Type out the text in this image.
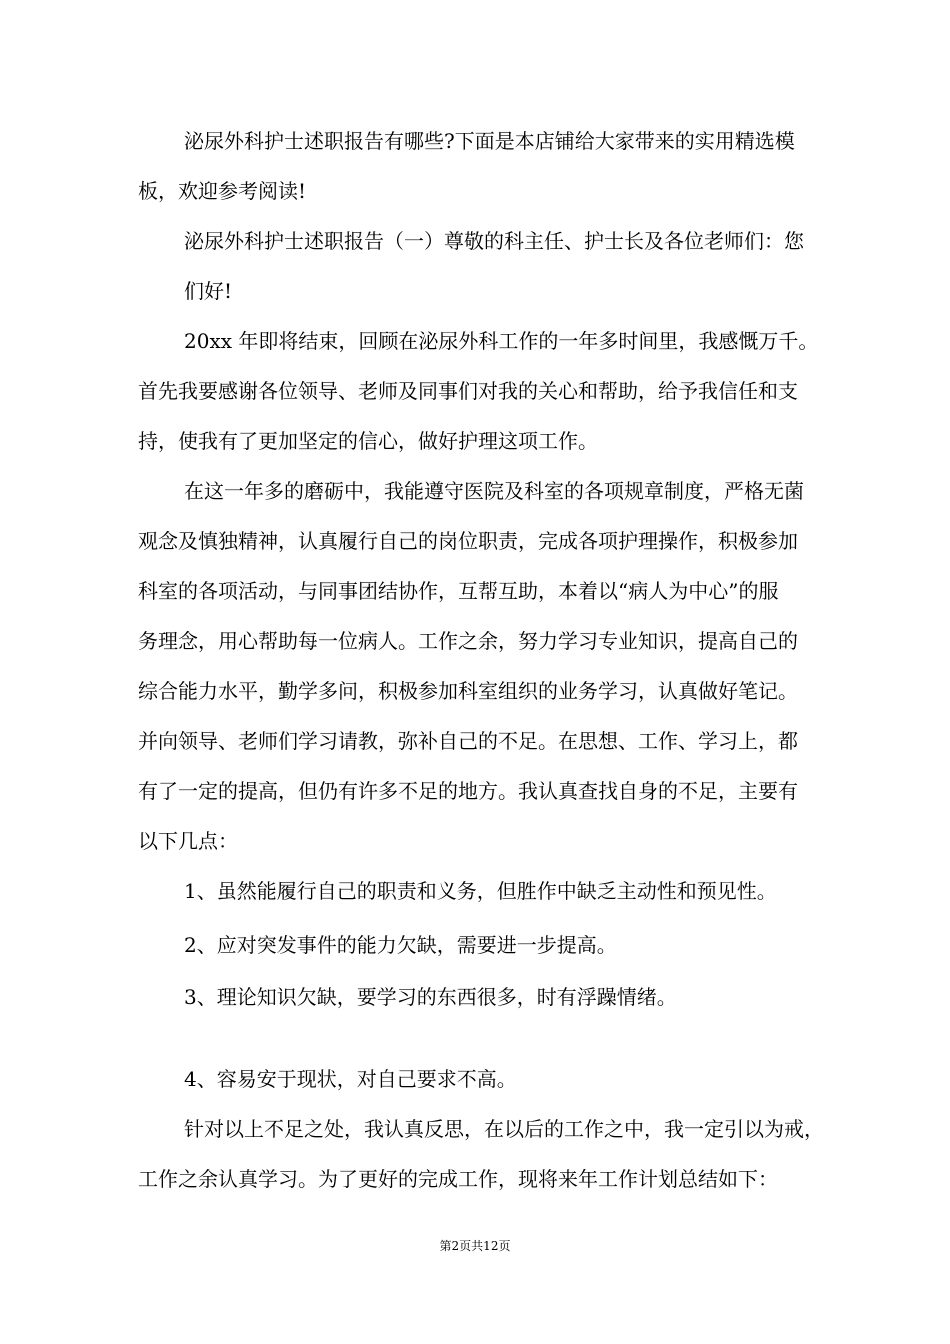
泌尿外科护士述职报告有哪些?下面是本店铺给大家带来的实用精选模
板，欢迎参考阅读!
泌尿外科护士述职报告（一）尊敬的科主任、护士长及各位老师们：您
们好!
20xx 年即将结束，回顾在泌尿外科工作的一年多时间里，我感慨万千。
首先我要感谢各位领导、老师及同事们对我的关心和帮助，给予我信任和支
持，使我有了更加坚定的信心，做好护理这项工作。
在这一年多的磨砺中，我能遵守医院及科室的各项规章制度，严格无菌
观念及慎独精神，认真履行自己的岗位职责，完成各项护理操作，积极参加
科室的各项活动，与同事团结协作，互帮互助，本着以“病人为中心”的服
务理念，用心帮助每一位病人。工作之余，努力学习专业知识，提高自己的
综合能力水平，勤学多问，积极参加科室组织的业务学习，认真做好笔记。
并向领导、老师们学习请教，弥补自己的不足。在思想、工作、学习上，都
有了一定的提高，但仍有许多不足的地方。我认真查找自身的不足，主要有
以下几点：
1、虽然能履行自己的职责和义务，但胜作中缺乏主动性和预见性。
2、应对突发事件的能力欠缺，需要进一步提高。
3、理论知识欠缺，要学习的东西很多，时有浮躁情绪。
4、容易安于现状，对自己要求不高。
针对以上不足之处，我认真反思，在以后的工作之中，我一定引以为戒，
工作之余认真学习。为了更好的完成工作，现将来年工作计划总结如下：
第2页共12页
